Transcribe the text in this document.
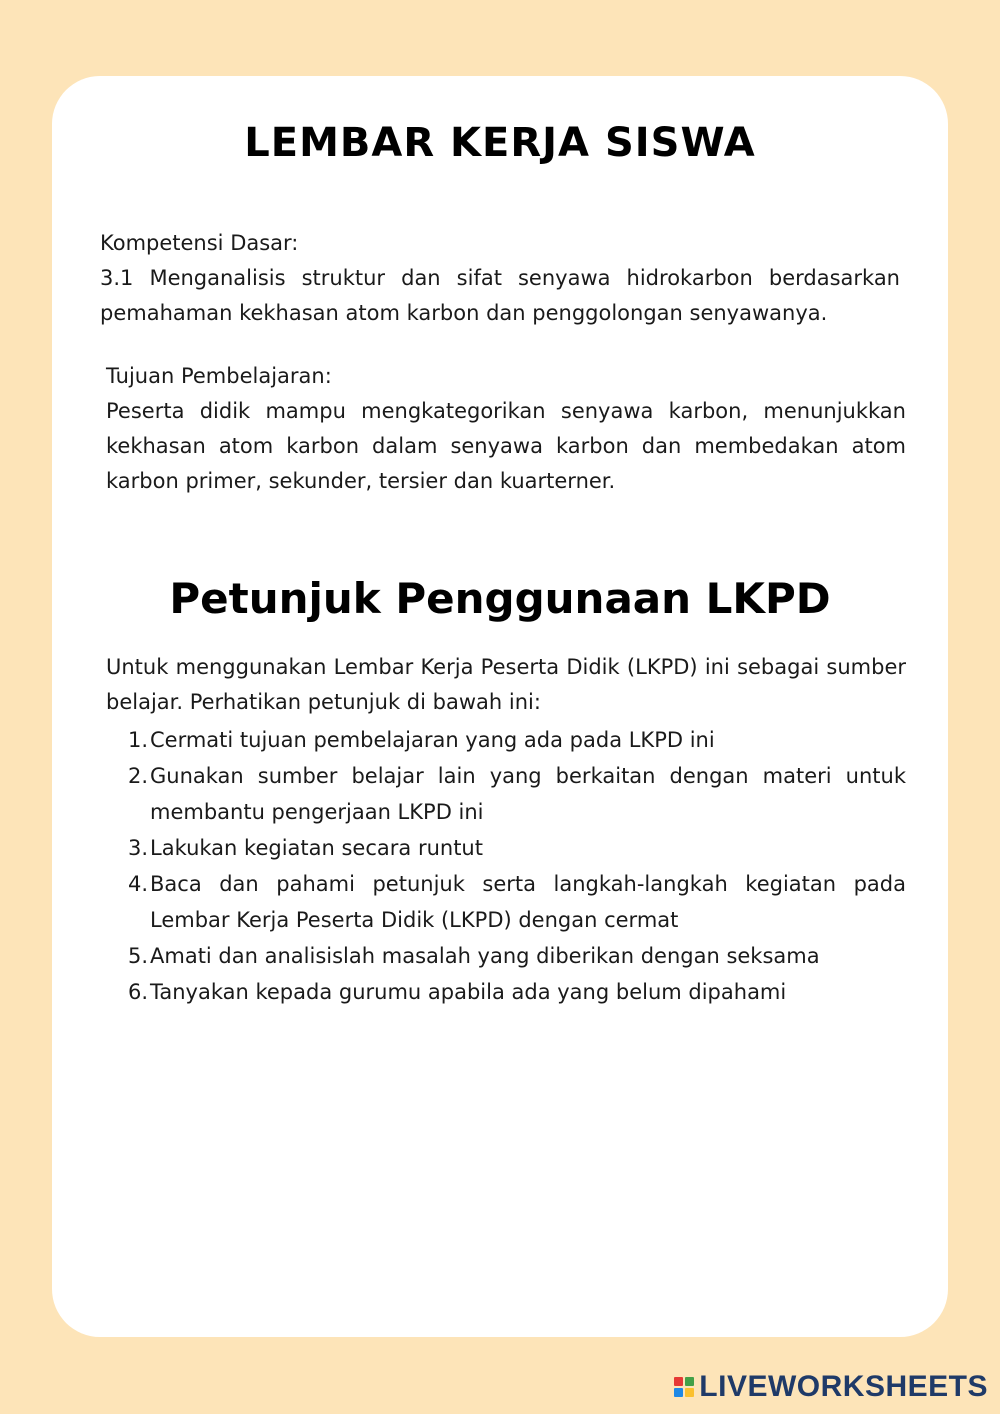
LEMBAR KERJA SISWA

Kompetensi Dasar:

3.1 Menganalisis struktur dan sifat senyawa hidrokarbon berdasarkan pemahaman kekhasan atom karbon dan penggolongan senyawanya.

Tujuan Pembelajaran:

Peserta didik mampu mengkategorikan senyawa karbon, menunjukkan kekhasan atom karbon dalam senyawa karbon dan membedakan atom karbon primer, sekunder, tersier dan kuarterner.

Petunjuk Penggunaan LKPD

Untuk menggunakan Lembar Kerja Peserta Didik (LKPD) ini sebagai sumber belajar. Perhatikan petunjuk di bawah ini:

1. Cermati tujuan pembelajaran yang ada pada LKPD ini
2. Gunakan sumber belajar lain yang berkaitan dengan materi untuk membantu pengerjaan LKPD ini
3. Lakukan kegiatan secara runtut
4. Baca dan pahami petunjuk serta langkah-langkah kegiatan pada Lembar Kerja Peserta Didik (LKPD) dengan cermat
5. Amati dan analisislah masalah yang diberikan dengan seksama
6. Tanyakan kepada gurumu apabila ada yang belum dipahami
LIVEWORKSHEETS
